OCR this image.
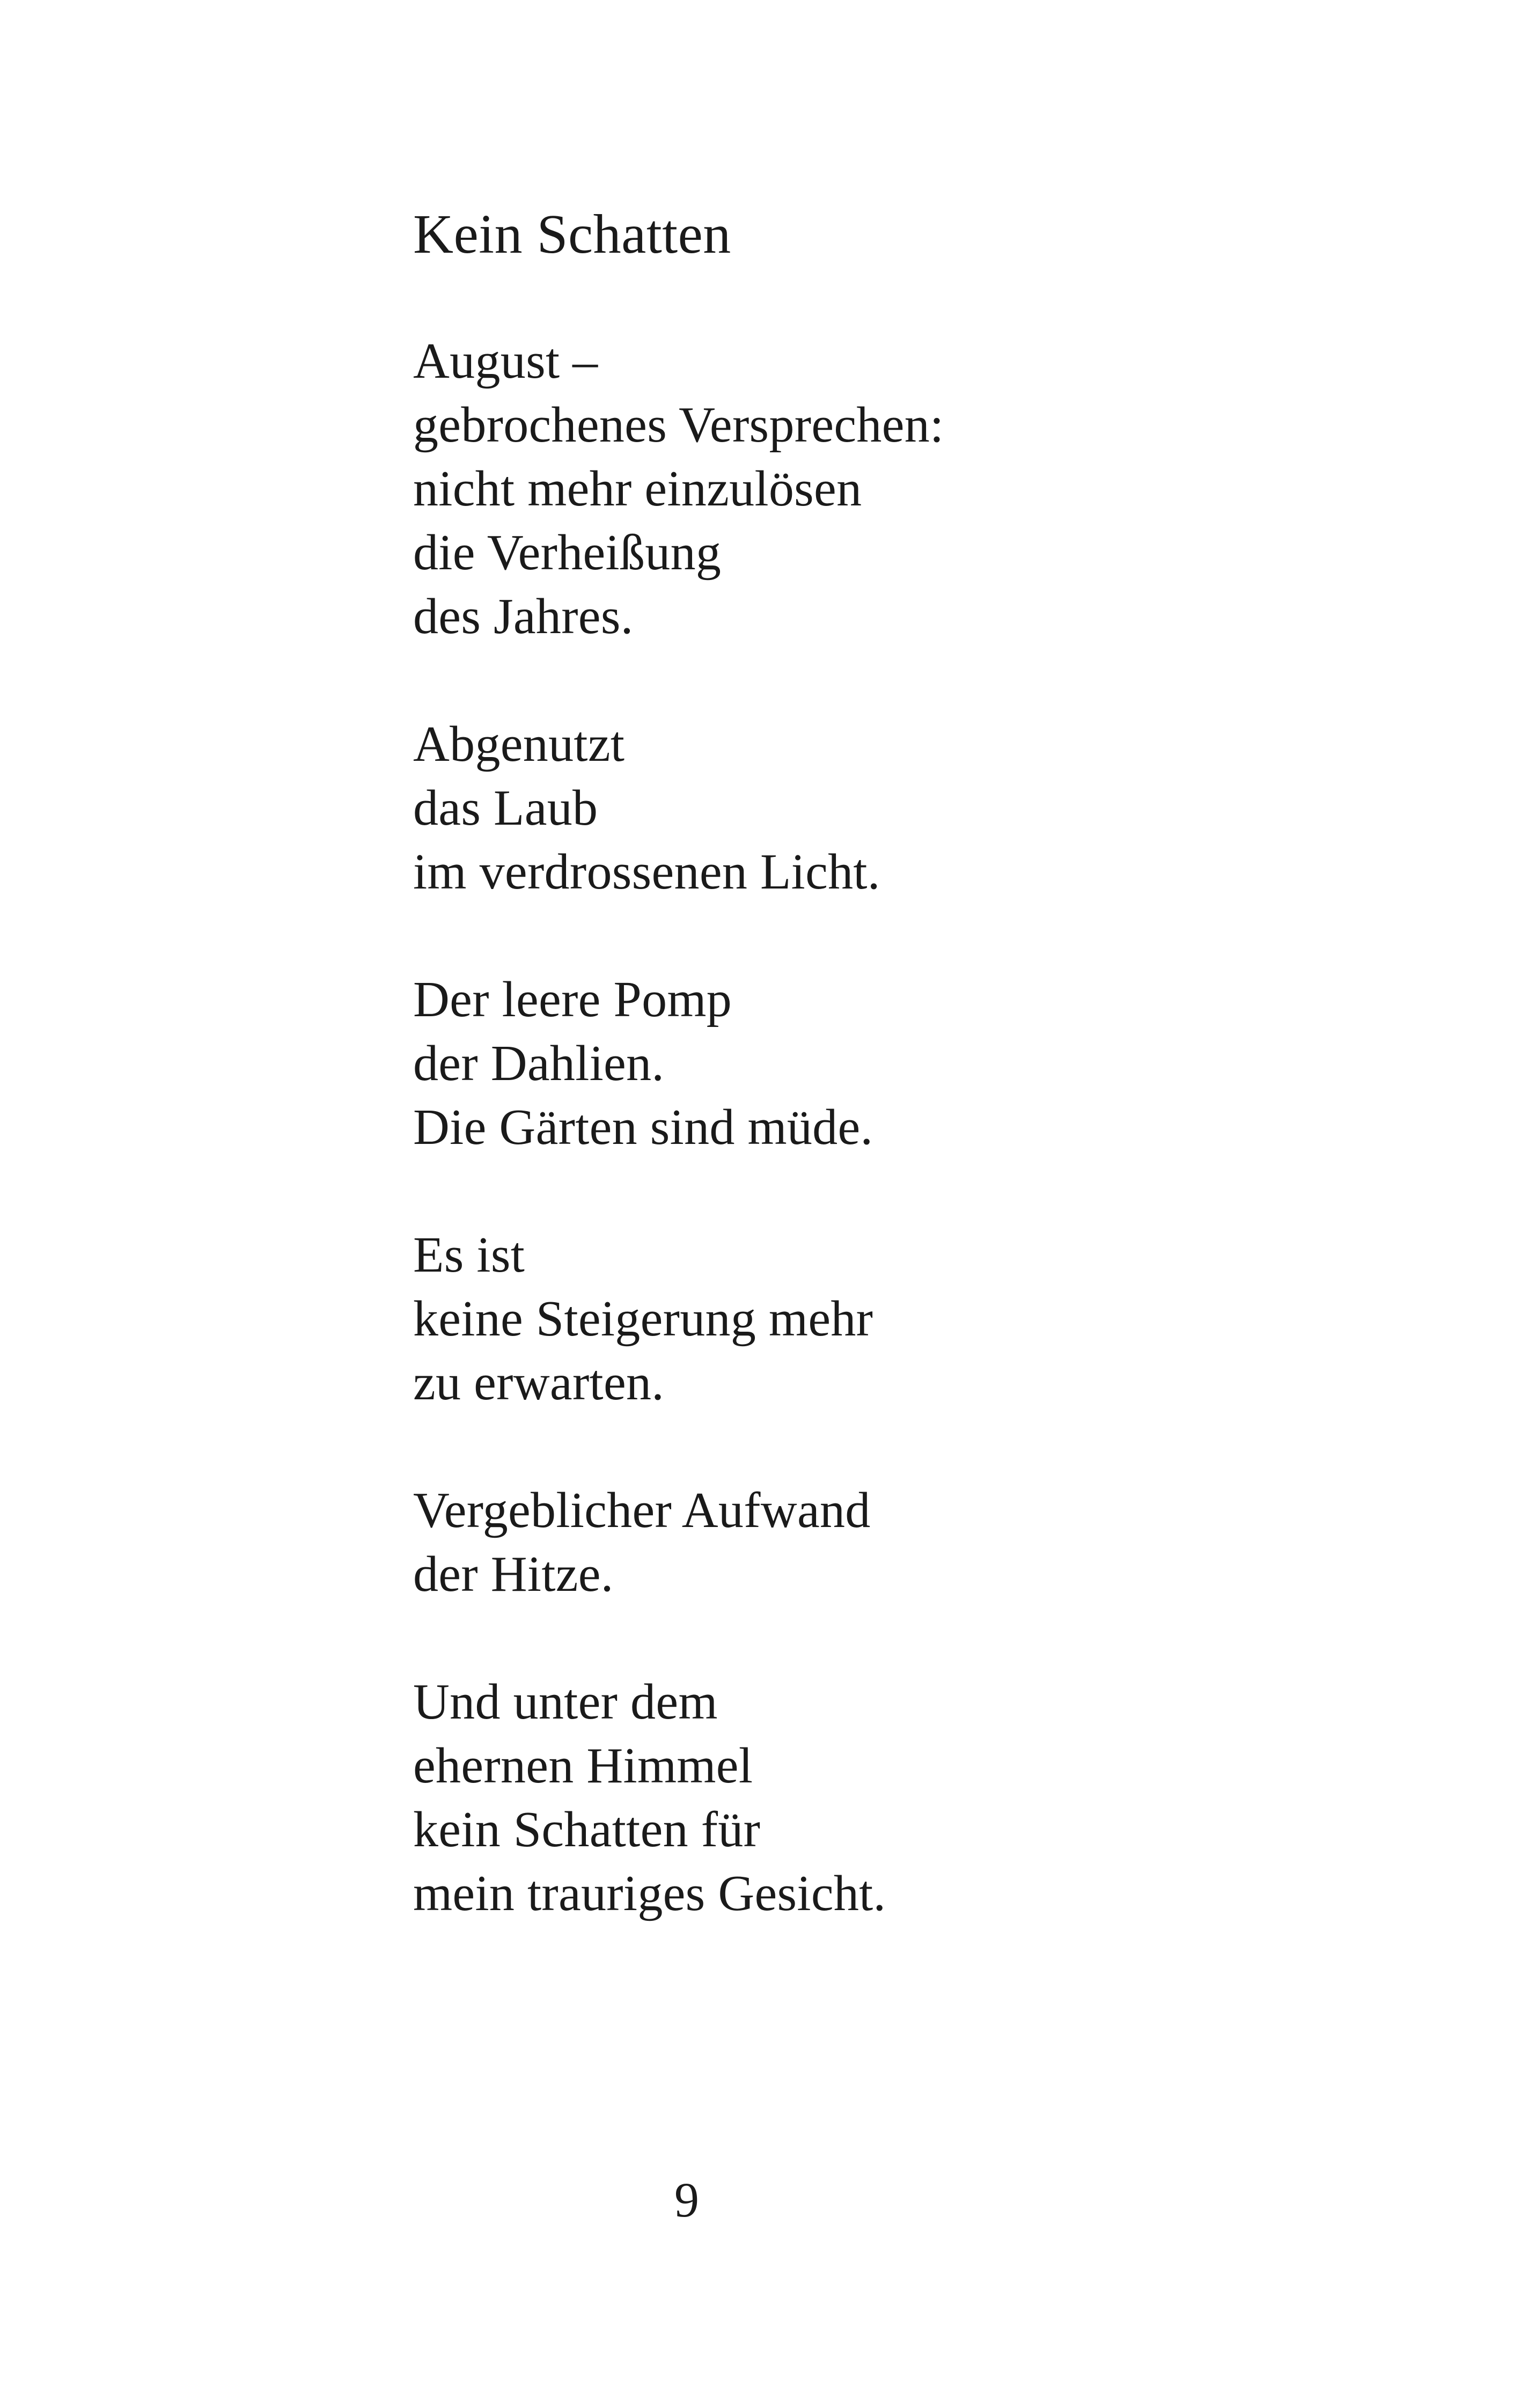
Kein Schatten
August –
gebrochenes Versprechen:
nicht mehr einzulösen
die Verheißung
des Jahres.
Abgenutzt
das Laub
im verdrossenen Licht.
Der leere Pomp
der Dahlien.
Die Gärten sind müde.
Es ist
keine Steigerung mehr
zu erwarten.
Vergeblicher Aufwand
der Hitze.
Und unter dem
ehernen Himmel
kein Schatten für
mein trauriges Gesicht.
9
